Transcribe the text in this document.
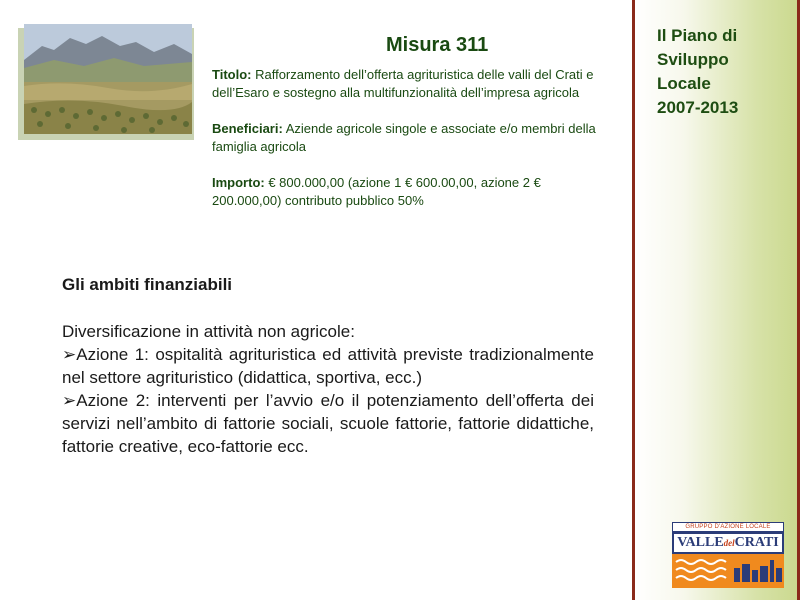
Misura 311

Titolo: Rafforzamento dell’offerta agrituristica delle valli del Crati e dell’Esaro e sostegno alla multifunzionalità dell’impresa agricola

Beneficiari: Aziende agricole singole e associate e/o membri della famiglia agricola

Importo: € 800.000,00 (azione 1 € 600.00,00, azione 2 € 200.000,00) contributo pubblico 50%

Gli ambiti finanziabili

Diversificazione in attività non agricole:

➢Azione 1: ospitalità agrituristica ed attività previste tradizionalmente nel settore agrituristico (didattica, sportiva, ecc.)

➢Azione 2: interventi per l’avvio e/o il potenziamento dell’offerta dei servizi nell’ambito di fattorie sociali, scuole fattorie, fattorie didattiche, fattorie creative, eco-fattorie ecc.

Il Piano di
Sviluppo
Locale
2007-2013
GRUPPO D'AZIONE LOCALE
VALLEdelCRATI
